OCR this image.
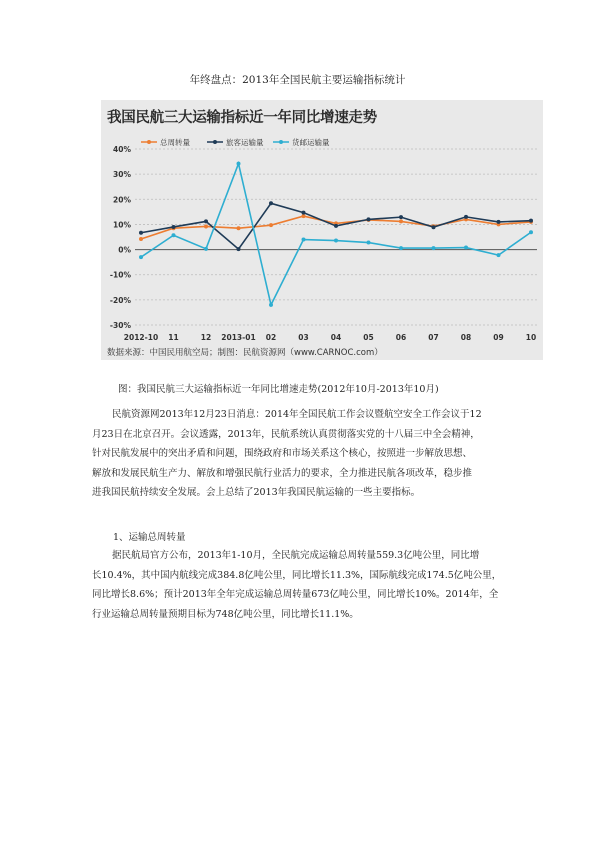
年终盘点：2013年全国民航主要运输指标统计
总周转量	旅客运输量	货邮运输量
40%
30%
20%
10%
0%
-10%
-20%
-30%
2012-10 11	12 2013-01 02	03	04	05	06	07	08	09	10
我国民航三大运输指标近一年同比增速走势
数据来源：中国民用航空局；制图：民航资源网（www.CARNOC.com）
图：我国民航三大运输指标近一年同比增速走势(2012年10月-2013年10月)
民航资源网2013年12月23日消息：2014年全国民航工作会议暨航空安全工作会议于12
月23日在北京召开。会议透露，2013年，民航系统认真贯彻落实党的十八届三中全会精神，
针对民航发展中的突出矛盾和问题，围绕政府和市场关系这个核心，按照进一步解放思想、
解放和发展民航生产力、解放和增强民航行业活力的要求，全力推进民航各项改革，稳步推
进我国民航持续安全发展。会上总结了2013年我国民航运输的一些主要指标。
1、运输总周转量
据民航局官方公布，2013年1-10月，全民航完成运输总周转量559.3亿吨公里，同比增
长10.4%，其中国内航线完成384.8亿吨公里，同比增长11.3%，国际航线完成174.5亿吨公里，
同比增长8.6%；预计2013年全年完成运输总周转量673亿吨公里，同比增长10%。2014年，全
行业运输总周转量预期目标为748亿吨公里，同比增长11.1%。
